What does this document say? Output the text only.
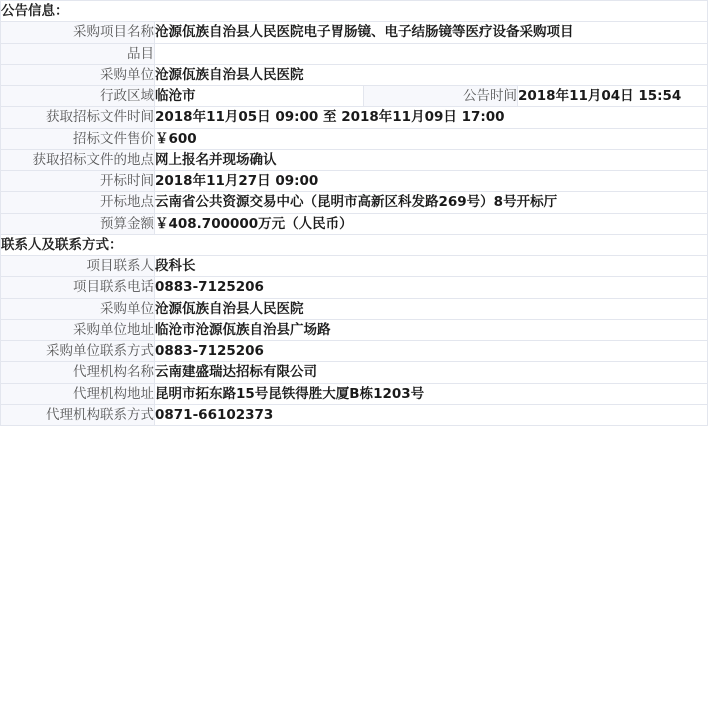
公告信息：			
采购项目名称	沧源佤族自治县人民医院电子胃肠镜、电子结肠镜等医疗设备采购项目		
品目			
采购单位	沧源佤族自治县人民医院		
行政区域	临沧市	公告时间	2018年11月04日 15:54
获取招标文件时间	2018年11月05日 09:00 至 2018年11月09日 17:00		
招标文件售价	￥600		
获取招标文件的地点	网上报名并现场确认		
开标时间	2018年11月27日 09:00		
开标地点	云南省公共资源交易中心（昆明市高新区科发路269号）8号开标厅		
预算金额	￥408.700000万元（人民币）		
联系人及联系方式：			
项目联系人	段科长		
项目联系电话	0883-7125206		
采购单位	沧源佤族自治县人民医院		
采购单位地址	临沧市沧源佤族自治县广场路		
采购单位联系方式	0883-7125206		
代理机构名称	云南建盛瑞达招标有限公司		
代理机构地址	昆明市拓东路15号昆铁得胜大厦B栋1203号		
代理机构联系方式	0871-66102373		
